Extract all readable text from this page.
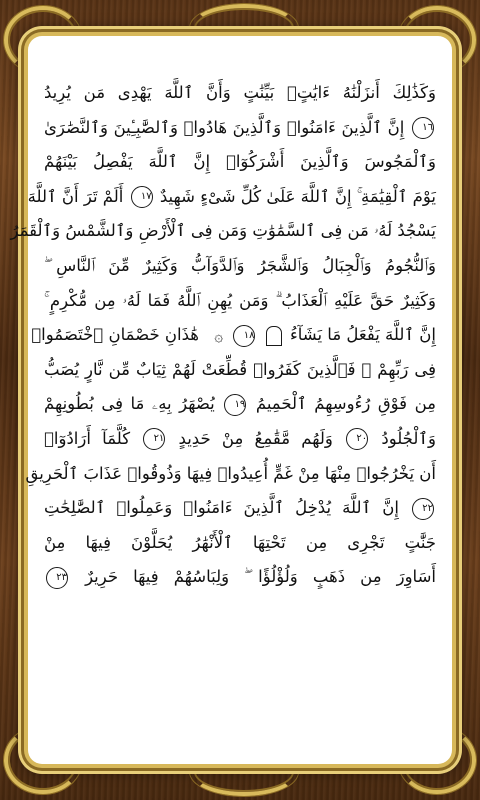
وَكَذَٰلِكَ أَنزَلْنَٰهُ ءَايَٰتٍۭ بَيِّنَٰتٍ وَأَنَّ ٱللَّهَ يَهْدِى مَن يُرِيدُ
١٦ إِنَّ ٱلَّذِينَ ءَامَنُوا۟ وَٱلَّذِينَ هَادُوا۟ وَٱلصَّٰبِـِٔينَ وَٱلنَّصَٰرَىٰ
وَٱلْمَجُوسَ وَٱلَّذِينَ أَشْرَكُوٓا۟ إِنَّ ٱللَّهَ يَفْصِلُ بَيْنَهُمْ
يَوْمَ ٱلْقِيَٰمَةِ ۚ إِنَّ ٱللَّهَ عَلَىٰ كُلِّ شَىْءٍ شَهِيدٌ ١٧ أَلَمْ تَرَ أَنَّ ٱللَّهَ
يَسْجُدُ لَهُۥ مَن فِى ٱلسَّمَٰوَٰتِ وَمَن فِى ٱلْأَرْضِ وَٱلشَّمْسُ وَٱلْقَمَرُ
وَٱلنُّجُومُ وَٱلْجِبَالُ وَٱلشَّجَرُ وَٱلدَّوَآبُّ وَكَثِيرٌ مِّنَ ٱلنَّاسِ ۖ
وَكَثِيرٌ حَقَّ عَلَيْهِ ٱلْعَذَابُ ۗ وَمَن يُهِنِ ٱللَّهُ فَمَا لَهُۥ مِن مُّكْرِمٍ ۚ
إِنَّ ٱللَّهَ يَفْعَلُ مَا يَشَآءُ  ١٨ ۞ هَٰذَانِ خَصْمَانِ ٱخْتَصَمُوا۟
فِى رَبِّهِمْ ۖ فَٱلَّذِينَ كَفَرُوا۟ قُطِّعَتْ لَهُمْ ثِيَابٌ مِّن نَّارٍ يُصَبُّ
مِن فَوْقِ رُءُوسِهِمُ ٱلْحَمِيمُ ١٩ يُصْهَرُ بِهِۦ مَا فِى بُطُونِهِمْ
وَٱلْجُلُودُ ٢٠ وَلَهُم مَّقَٰمِعُ مِنْ حَدِيدٍ ٢١ كُلَّمَآ أَرَادُوٓا۟
أَن يَخْرُجُوا۟ مِنْهَا مِنْ غَمٍّ أُعِيدُوا۟ فِيهَا وَذُوقُوا۟ عَذَابَ ٱلْحَرِيقِ
٢٢ إِنَّ ٱللَّهَ يُدْخِلُ ٱلَّذِينَ ءَامَنُوا۟ وَعَمِلُوا۟ ٱلصَّٰلِحَٰتِ
جَنَّٰتٍ تَجْرِى مِن تَحْتِهَا ٱلْأَنْهَٰرُ يُحَلَّوْنَ فِيهَا مِنْ
أَسَاوِرَ مِن ذَهَبٍ وَلُؤْلُؤًا ۖ وَلِبَاسُهُمْ فِيهَا حَرِيرٌ ٢٣
